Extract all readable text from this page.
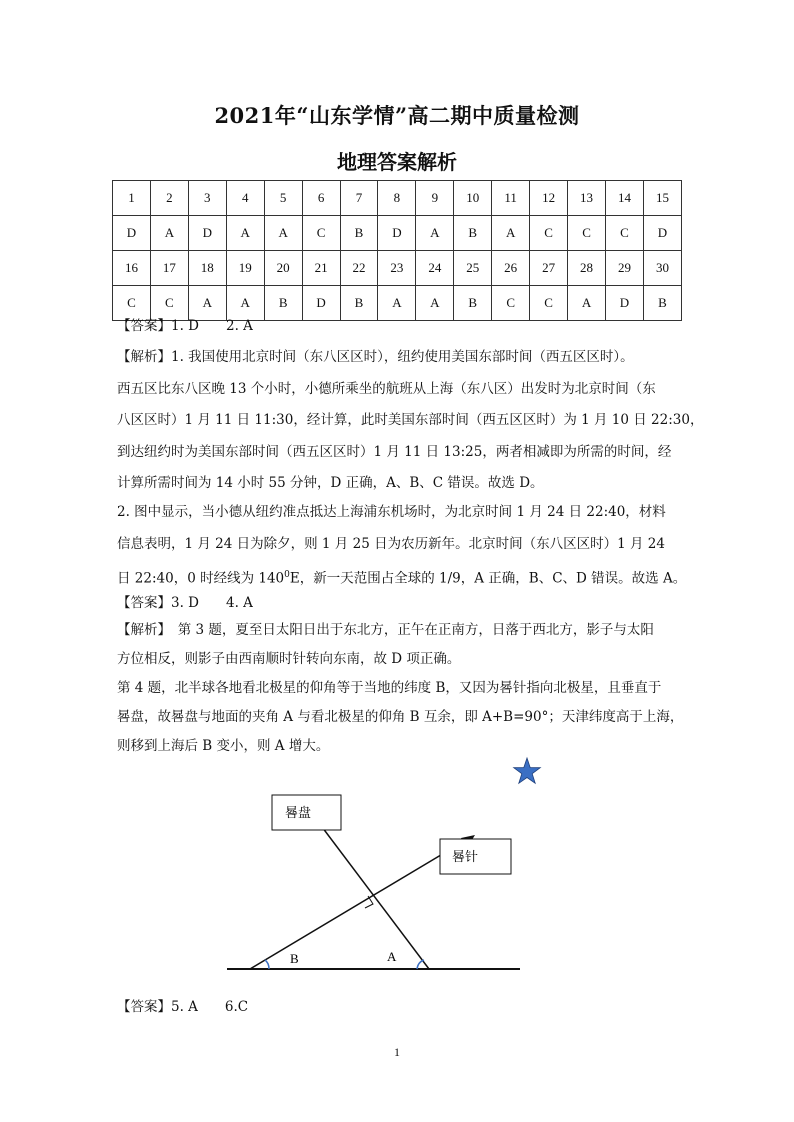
2021年“山东学情”高二期中质量检测
地理答案解析
1	2	3	4	5	6	7	8	9	10	11	12	13	14	15
D	A	D	A	A	C	B	D	A	B	A	C	C	C	D
16	17	18	19	20	21	22	23	24	25	26	27	28	29	30
C	C	A	A	B	D	B	A	A	B	C	C	A	D	B
【答案】1. D　　2. A
【解析】1. 我国使用北京时间（东八区区时），纽约使用美国东部时间（西五区区时）。
西五区比东八区晚 13 个小时，小德所乘坐的航班从上海（东八区）出发时为北京时间（东
八区区时）1 月 11 日 11:30，经计算，此时美国东部时间（西五区区时）为 1 月 10 日 22:30，
到达纽约时为美国东部时间（西五区区时）1 月 11 日 13:25，两者相减即为所需的时间，经
计算所需时间为 14 小时 55 分钟，D 正确，A、B、C 错误。故选 D。
2. 图中显示，当小德从纽约准点抵达上海浦东机场时，为北京时间 1 月 24 日 22:40，材料
信息表明，1 月 24 日为除夕，则 1 月 25 日为农历新年。北京时间（东八区区时）1 月 24
日 22:40，0 时经线为 $140^0E$，新一天范围占全球的 1/9，A 正确，B、C、D 错误。故选 A。
【答案】3. D　　4. A
【解析】　第 3 题，夏至日太阳日出于东北方，正午在正南方，日落于西北方，影子与太阳
方位相反，则影子由西南顺时针转向东南，故 D 项正确。
第 4 题，北半球各地看北极星的仰角等于当地的纬度 B，又因为晷针指向北极星，且垂直于
晷盘，故晷盘与地面的夹角 A 与看北极星的仰角 B 互余，即 A+B=90°；天津纬度高于上海，
则移到上海后 B 变小，则 A 增大。
晷盘
晷针
B	A
【答案】5. A　　6.C
1
